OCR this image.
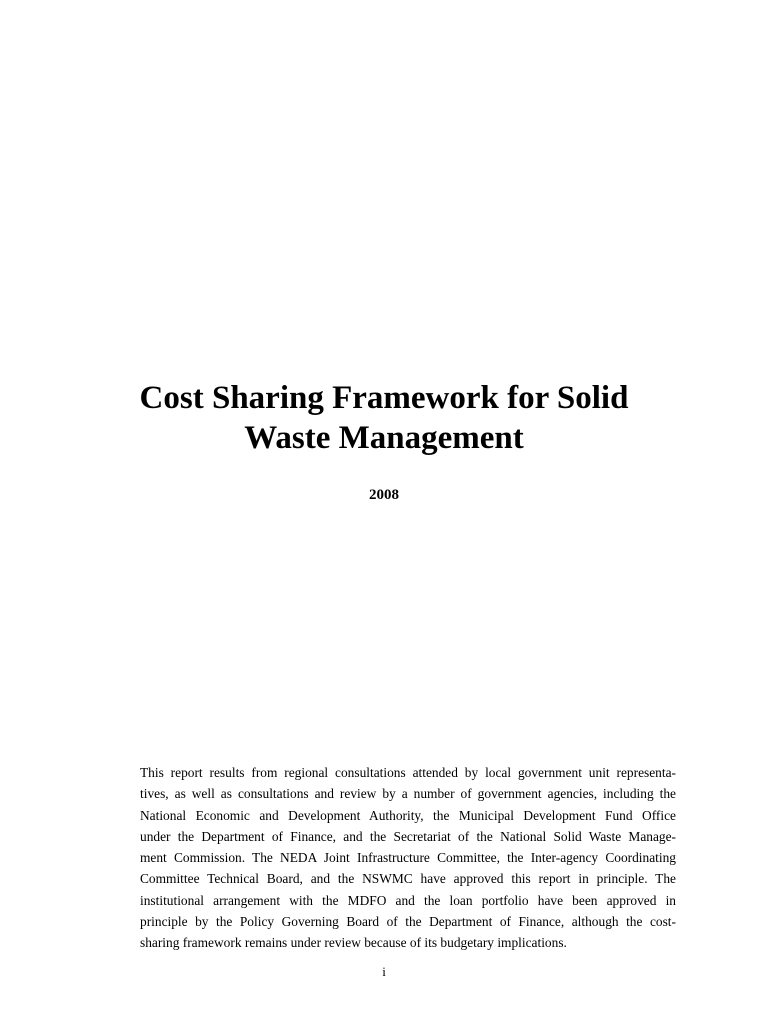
Cost Sharing Framework for Solid
Waste Management
2008

This report results from regional consultations attended by local government unit representa-
tives, as well as consultations and review by a number of government agencies, including the
National Economic and Development Authority, the Municipal Development Fund Office
under the Department of Finance, and the Secretariat of the National Solid Waste Manage-
ment Commission. The NEDA Joint Infrastructure Committee, the Inter-agency Coordinating
Committee Technical Board, and the NSWMC have approved this report in principle. The
institutional arrangement with the MDFO and the loan portfolio have been approved in
principle by the Policy Governing Board of the Department of Finance, although the cost-
sharing framework remains under review because of its budgetary implications.

i
